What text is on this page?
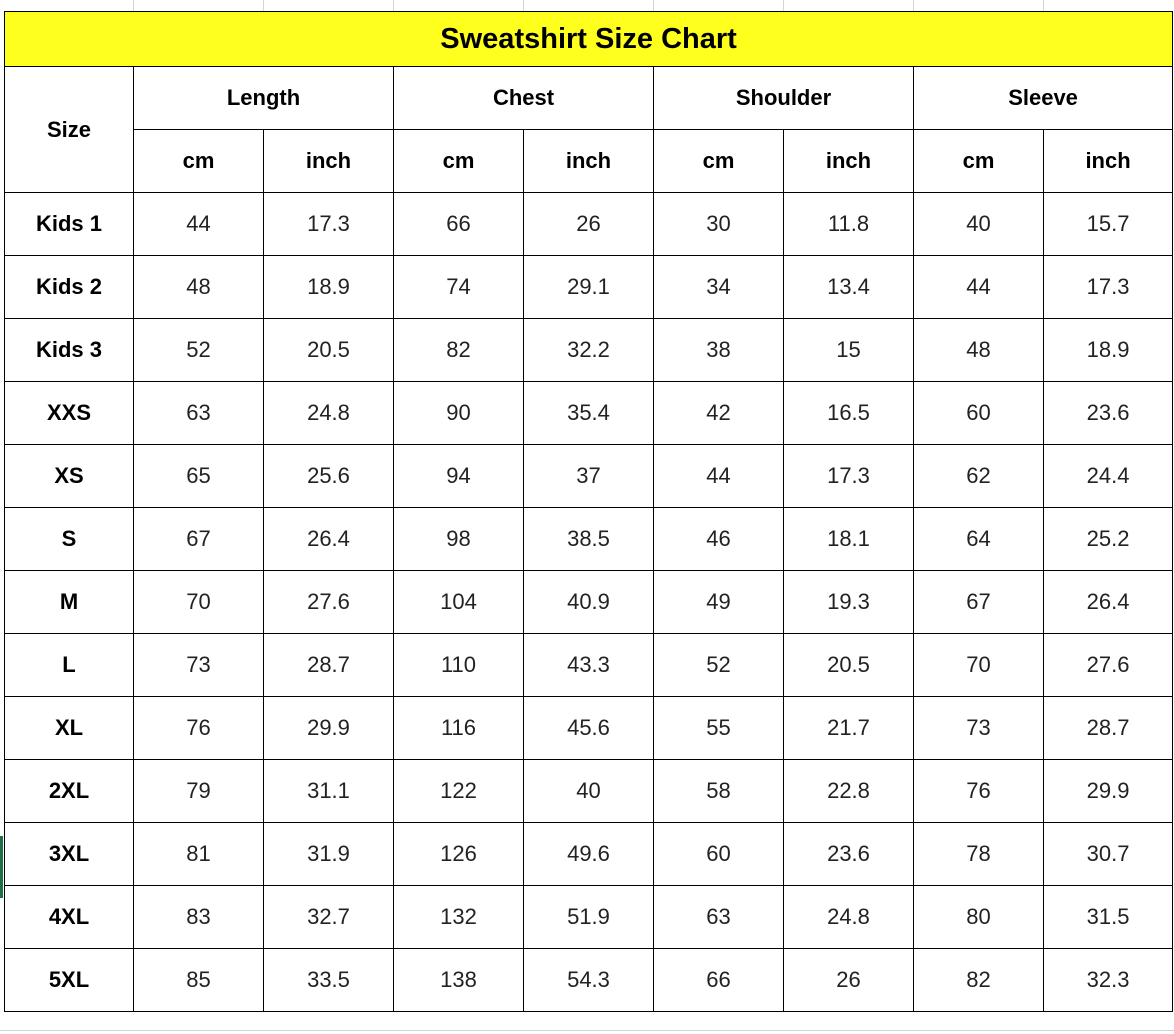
Sweatshirt Size Chart								
Size	Length		Chest		Shoulder		Sleeve	
	cm	inch	cm	inch	cm	inch	cm	inch
Kids 1	44	17.3	66	26	30	11.8	40	15.7
Kids 2	48	18.9	74	29.1	34	13.4	44	17.3
Kids 3	52	20.5	82	32.2	38	15	48	18.9
XXS	63	24.8	90	35.4	42	16.5	60	23.6
XS	65	25.6	94	37	44	17.3	62	24.4
S	67	26.4	98	38.5	46	18.1	64	25.2
M	70	27.6	104	40.9	49	19.3	67	26.4
L	73	28.7	110	43.3	52	20.5	70	27.6
XL	76	29.9	116	45.6	55	21.7	73	28.7
2XL	79	31.1	122	40	58	22.8	76	29.9
3XL	81	31.9	126	49.6	60	23.6	78	30.7
4XL	83	32.7	132	51.9	63	24.8	80	31.5
5XL	85	33.5	138	54.3	66	26	82	32.3
